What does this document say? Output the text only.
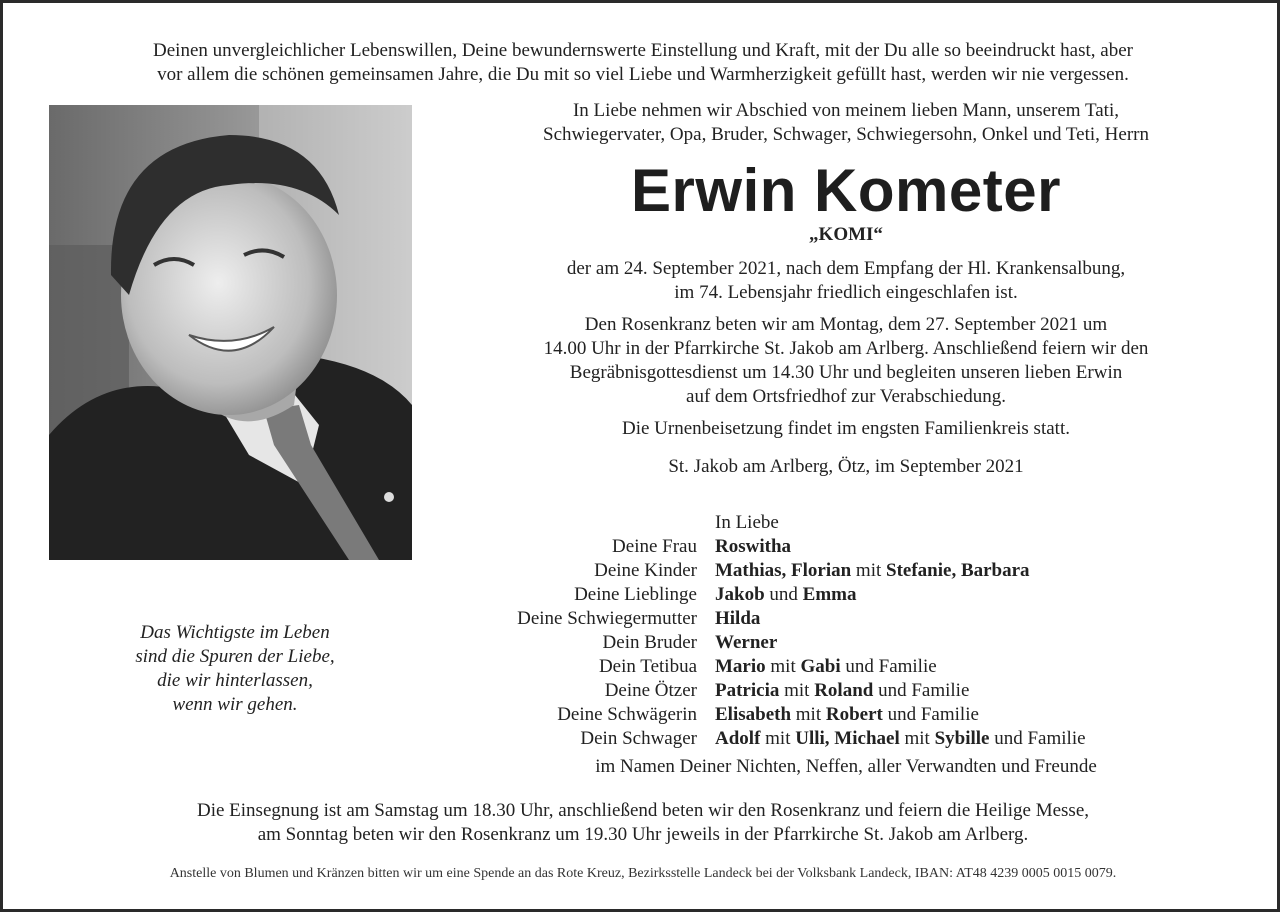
Deinen unvergleichlicher Lebenswillen, Deine bewundernswerte Einstellung und Kraft, mit der Du alle so beeindruckt hast, aber
vor allem die schönen gemeinsamen Jahre, die Du mit so viel Liebe und Warmherzigkeit gefüllt hast, werden wir nie vergessen.
Das Wichtigste im Leben
sind die Spuren der Liebe,
die wir hinterlassen,
wenn wir gehen.
In Liebe nehmen wir Abschied von meinem lieben Mann, unserem Tati,
Schwiegervater, Opa, Bruder, Schwager, Schwiegersohn, Onkel und Teti, Herrn
Erwin Kometer
„KOMI“

der am 24. September 2021, nach dem Empfang der Hl. Krankensalbung,
im 74. Lebensjahr friedlich eingeschlafen ist.

Den Rosenkranz beten wir am Montag, dem 27. September 2021 um
14.00 Uhr in der Pfarrkirche St. Jakob am Arlberg. Anschließend feiern wir den
Begräbnisgottesdienst um 14.30 Uhr und begleiten unseren lieben Erwin
auf dem Ortsfriedhof zur Verabschiedung.

Die Urnenbeisetzung findet im engsten Familienkreis statt.

St. Jakob am Arlberg, Ötz, im September 2021

In Liebe
Deine Frau Roswitha
Deine Kinder Mathias, Florian mit Stefanie, Barbara
Deine Lieblinge Jakob und Emma
Deine Schwiegermutter Hilda
Dein Bruder Werner
Dein Tetibua Mario mit Gabi und Familie
Deine Ötzer Patricia mit Roland und Familie
Deine Schwägerin Elisabeth mit Robert und Familie
Dein Schwager Adolf mit Ulli, Michael mit Sybille und Familie
im Namen Deiner Nichten, Neffen, aller Verwandten und Freunde
Die Einsegnung ist am Samstag um 18.30 Uhr, anschließend beten wir den Rosenkranz und feiern die Heilige Messe,
am Sonntag beten wir den Rosenkranz um 19.30 Uhr jeweils in der Pfarrkirche St. Jakob am Arlberg.
Anstelle von Blumen und Kränzen bitten wir um eine Spende an das Rote Kreuz, Bezirksstelle Landeck bei der Volksbank Landeck, IBAN: AT48 4239 0005 0015 0079.
